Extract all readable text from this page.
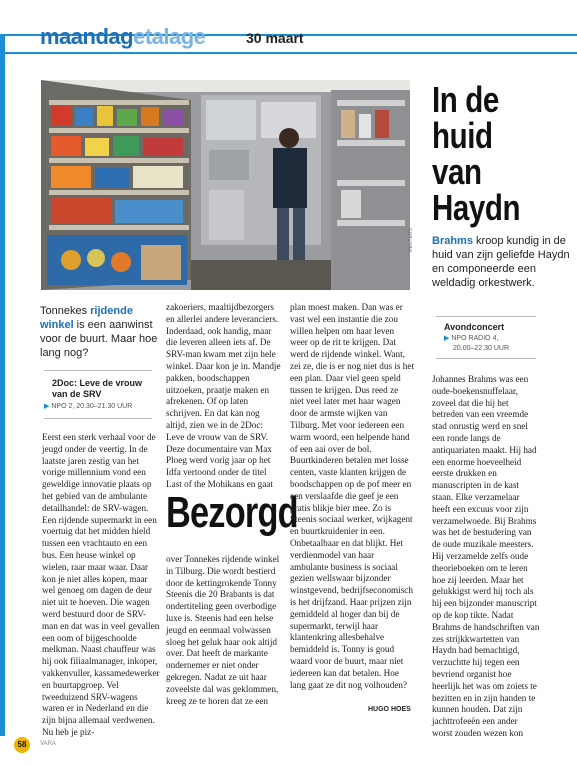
maandagetalage	30 maart
REUTERS
In de
huid van
Haydn
Brahms kroop kundig in de huid van zijn geliefde Haydn en componeerde een weldadig orkestwerk.
Avondconcert
▶ NPO RADIO 4,
20.00–22.30 UUR
Johannes Brahms was een oude-boekensnuffelaar, zoveel dat die hij het betreden van een vreemde stad onrustig werd en snel een ronde langs de antiquariaten maakt. Hij had een enorme hoeveelheid eerste drukken en manuscripten in de kast staan. Elke verzamelaar heeft een excuus voor zijn verzamelwoede. Bij Brahms was het de bestudering van de oude muzikale meesters. Hij verzamelde zelfs oude theorieboeken om te leren hoe zij leerden. Maar het gelukkigst werd hij toch als hij een bijzonder manuscript op de kop tikte. Nadat Brahms de handschriften van zes strijkkwartetten van Haydn had bemachtigd, verzuchtte hij tegen een bevriend organist hoe heerlijk het was om zoiets te bezitten en in zijn handen te kunnen houden. Dat zijn jachttrofeeën een ander worst zouden wezen kon
Tonnekes rijdende winkel is een aanwinst voor de buurt. Maar hoe lang nog?
2Doc: Leve de vrouw van de SRV
▶ NPO 2, 20.30–21.30 UUR
Eerst een sterk verhaal voor de jeugd onder de veertig. In de laatste jaren zestig van het vorige millennium vond een geweldige innovatie plaats op het gebied van de ambulante detailhandel: de SRV-wagen. Een rijdende supermarkt in een voertuig dat het midden hield tussen een vrachtauto en een bus. Een heuse winkel op wielen, raar maar waar. Daar kon je niet alles kopen, maar wel genoeg om dagen de deur niet uit te hoeven. Die wagen werd bestuurd door de SRV-man en dat was in veel gevallen een oom of bijgeschoolde melkman. Naast chauffeur was hij ook filiaalmanager, inkoper, vakkenvuller, kassamedewerker en buurtapgroep. Vel tweeduizend SRV-wagens waren er in Nederland en die zijn bijna allemaal verdwenen. Nu heb je piz-
zakoeriers, maaltijdbezorgers en allerlei andere leveranciers. Inderdaad, ook handig, maar die leveren alleen iets af. De SRV-man kwam met zijn hele winkel. Daar kon je in. Mandje pakken, boodschappen uitzoeken, praatje maken en afrekenen. Of op laten schrijven. En dat kan nog altijd, zien we in de 2Doc: Leve de vrouw van de SRV. Deze documentaire van Max Ploeg werd vorig jaar op het Idfa vertoond onder de titel Last of the Mohikans en gaat
Bezorgd
over Tonnekes rijdende winkel in Tilburg. Die wordt bestierd door de kettingrokende Tonny Steenis die 20 Brabants is dat ondertiteling geen overbodige luxe is. Steenis had een helse jeugd en eenmaal volwassen sloeg het geluk haar ook altijd over. Dat heeft de markante ondernemer er niet onder gekregen. Nadat ze uit haar zoveelste dal was geklommen, kreeg ze te horen dat ze een
plan moest maken. Dan was er vast wel een instantie die zou willen helpen om haar leven weer op de rit te krijgen. Dat werd de rijdende winkel. Want, zei ze, die is er nog niet dus is het een plan. Daar viel geen speld tussen te krijgen. Dus reed ze niet veel later met haar wagen door de armste wijken van Tilburg. Met voor iedereen een warm woord, een helpende hand of een aai over de bol. Buurtkinderen betalen met losse centen, vaste klanten krijgen de boodschappen op de pof meer en een verslaafde die geef je een gratis blikje bier mee. Zo is Steenis sociaal werker, wijkagent en buurtkruidenier in een. Onbetaalbaar en dat blijkt. Het verdienmodel van haar ambulante business is sociaal gezien wellswaar bijzonder winstgevend, bedrijfseconomisch is het drijfzand. Haar prijzen zijn gemiddeld al hoger dan bij de supermarkt, terwijl haar klantenkring allesbehalve bemiddeld is. Tonny is goud waard voor de buurt, maar niet iedereen kan dat betalen. Hoe lang gaat ze dit nog volhouden?
HUGO HOES
58	VARA
